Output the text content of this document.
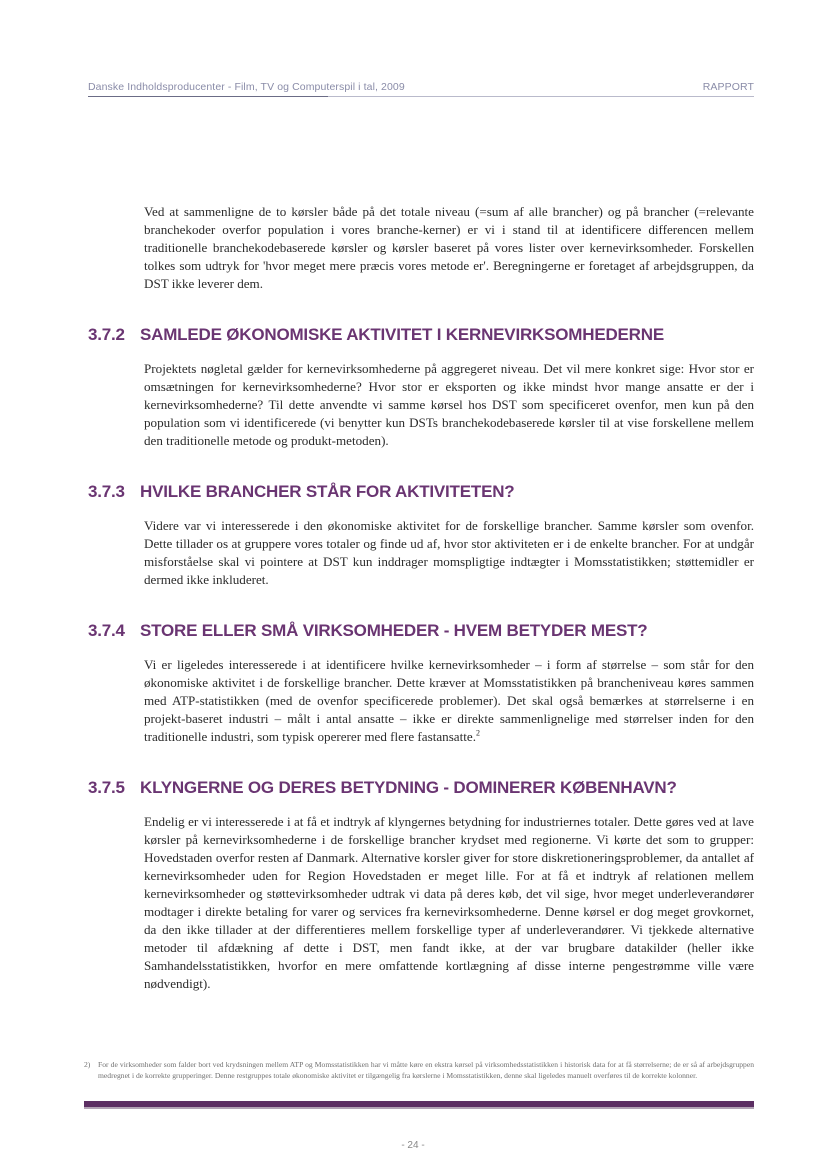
Danske Indholdsproducenter - Film, TV og Computerspil i tal, 2009	RAPPORT

Ved at sammenligne de to kørsler både på det totale niveau (=sum af alle brancher) og på brancher (=relevante branchekoder overfor population i vores branche-kerner) er vi i stand til at identificere differencen mellem traditionelle branchekodebaserede kørsler og kørsler baseret på vores lister over kernevirksomheder. Forskellen tolkes som udtryk for 'hvor meget mere præcis vores metode er'. Beregningerne er foretaget af arbejdsgruppen, da DST ikke leverer dem.

3.7.2 SAMLEDE ØKONOMISKE AKTIVITET I KERNEVIRKSOMHEDERNE

Projektets nøgletal gælder for kernevirksomhederne på aggregeret niveau. Det vil mere konkret sige: Hvor stor er omsætningen for kernevirksomhederne? Hvor stor er eksporten og ikke mindst hvor mange ansatte er der i kernevirksomhederne? Til dette anvendte vi samme kørsel hos DST som specificeret ovenfor, men kun på den population som vi identificerede (vi benytter kun DSTs branchekodebaserede kørsler til at vise forskellene mellem den traditionelle metode og produkt-metoden).

3.7.3 HVILKE BRANCHER STÅR FOR AKTIVITETEN?

Videre var vi interesserede i den økonomiske aktivitet for de forskellige brancher. Samme kørsler som ovenfor. Dette tillader os at gruppere vores totaler og finde ud af, hvor stor aktiviteten er i de enkelte brancher. For at undgår misforståelse skal vi pointere at DST kun inddrager momspligtige indtægter i Momsstatistikken; støttemidler er dermed ikke inkluderet.

3.7.4 STORE ELLER SMÅ VIRKSOMHEDER - HVEM BETYDER MEST?

Vi er ligeledes interesserede i at identificere hvilke kernevirksomheder – i form af størrelse – som står for den økonomiske aktivitet i de forskellige brancher. Dette kræver at Momsstatistikken på brancheniveau køres sammen med ATP-statistikken (med de ovenfor specificerede problemer). Det skal også bemærkes at størrelserne i en projekt-baseret industri – målt i antal ansatte – ikke er direkte sammenlignelige med størrelser inden for den traditionelle industri, som typisk opererer med flere fastansatte.$^2$

3.7.5 KLYNGERNE OG DERES BETYDNING - DOMINERER KØBENHAVN?

Endelig er vi interesserede i at få et indtryk af klyngernes betydning for industriernes totaler. Dette gøres ved at lave kørsler på kernevirksomhederne i de forskellige brancher krydset med regionerne. Vi kørte det som to grupper: Hovedstaden overfor resten af Danmark. Alternative korsler giver for store diskretioneringsproblemer, da antallet af kernevirksomheder uden for Region Hovedstaden er meget lille. For at få et indtryk af relationen mellem kernevirksomheder og støttevirksomheder udtrak vi data på deres køb, det vil sige, hvor meget underleverandører modtager i direkte betaling for varer og services fra kernevirksomhederne. Denne kørsel er dog meget grovkornet, da den ikke tillader at der differentieres mellem forskellige typer af underleverandører. Vi tjekkede alternative metoder til afdækning af dette i DST, men fandt ikke, at der var brugbare datakilder (heller ikke Samhandelsstatistikken, hvorfor en mere omfattende kortlægning af disse interne pengestrømme ville være nødvendigt).

2) For de virksomheder som falder bort ved krydsningen mellem ATP og Momsstatistikken har vi måtte køre en ekstra kørsel på virksomhedsstatistikken i historisk data for at få størrelserne; de er så af arbejdsgruppen medregnet i de korrekte grupperinger. Denne restgruppes totale økonomiske aktivitet er tilgængelig fra kørslerne i Momsstatistikken, denne skal ligeledes manuelt overføres til de korrekte kolonner.
- 24 -
